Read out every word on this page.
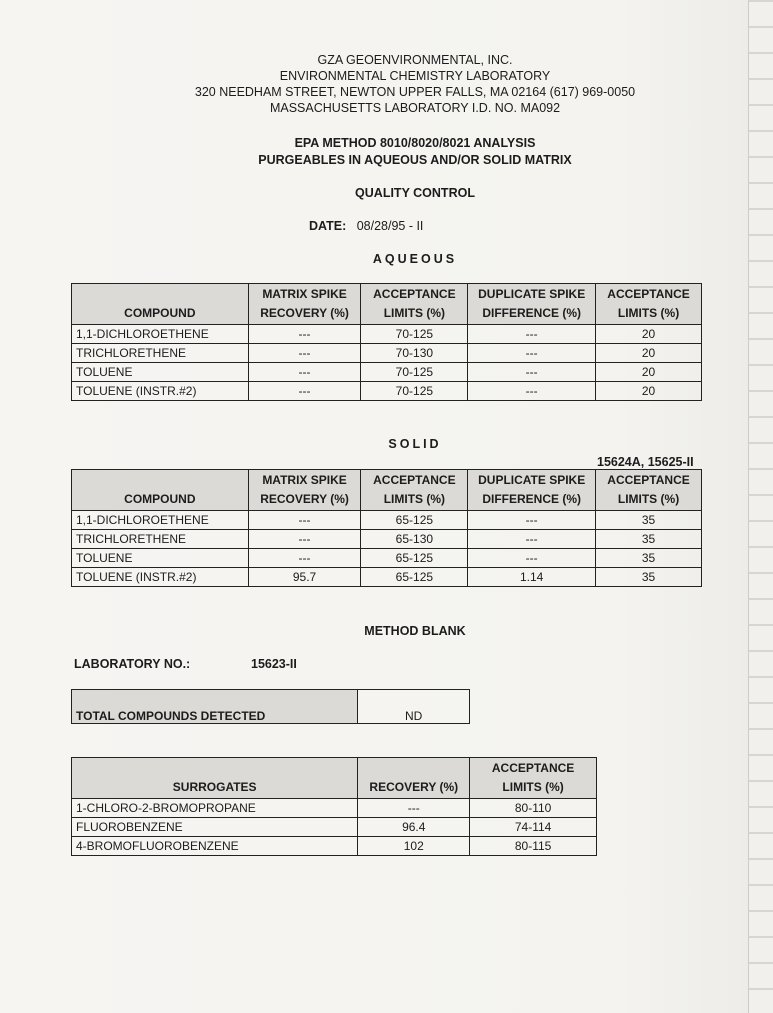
GZA GEOENVIRONMENTAL, INC.
ENVIRONMENTAL CHEMISTRY LABORATORY
320 NEEDHAM STREET, NEWTON UPPER FALLS, MA 02164 (617) 969-0050
MASSACHUSETTS LABORATORY I.D. NO. MA092
EPA METHOD 8010/8020/8021 ANALYSIS
PURGEABLES IN AQUEOUS AND/OR SOLID MATRIX
QUALITY CONTROL
DATE: 08/28/95 - II
AQUEOUS
COMPOUND	MATRIX SPIKE RECOVERY (%)	ACCEPTANCE LIMITS (%)	DUPLICATE SPIKE DIFFERENCE (%)	ACCEPTANCE LIMITS (%)
1,1-DICHLOROETHENE	---	70-125	---	20
TRICHLORETHENE	---	70-130	---	20
TOLUENE	---	70-125	---	20
TOLUENE (INSTR.#2)	---	70-125	---	20
SOLID
15624A, 15625-II
COMPOUND	MATRIX SPIKE RECOVERY (%)	ACCEPTANCE LIMITS (%)	DUPLICATE SPIKE DIFFERENCE (%)	ACCEPTANCE LIMITS (%)
1,1-DICHLOROETHENE	---	65-125	---	35
TRICHLORETHENE	---	65-130	---	35
TOLUENE	---	65-125	---	35
TOLUENE (INSTR.#2)	95.7	65-125	1.14	35
METHOD BLANK
LABORATORY NO.:	15623-II
TOTAL COMPOUNDS DETECTED	ND
SURROGATES	RECOVERY (%)	ACCEPTANCE LIMITS (%)
1-CHLORO-2-BROMOPROPANE	---	80-110
FLUOROBENZENE	96.4	74-114
4-BROMOFLUOROBENZENE	102	80-115
